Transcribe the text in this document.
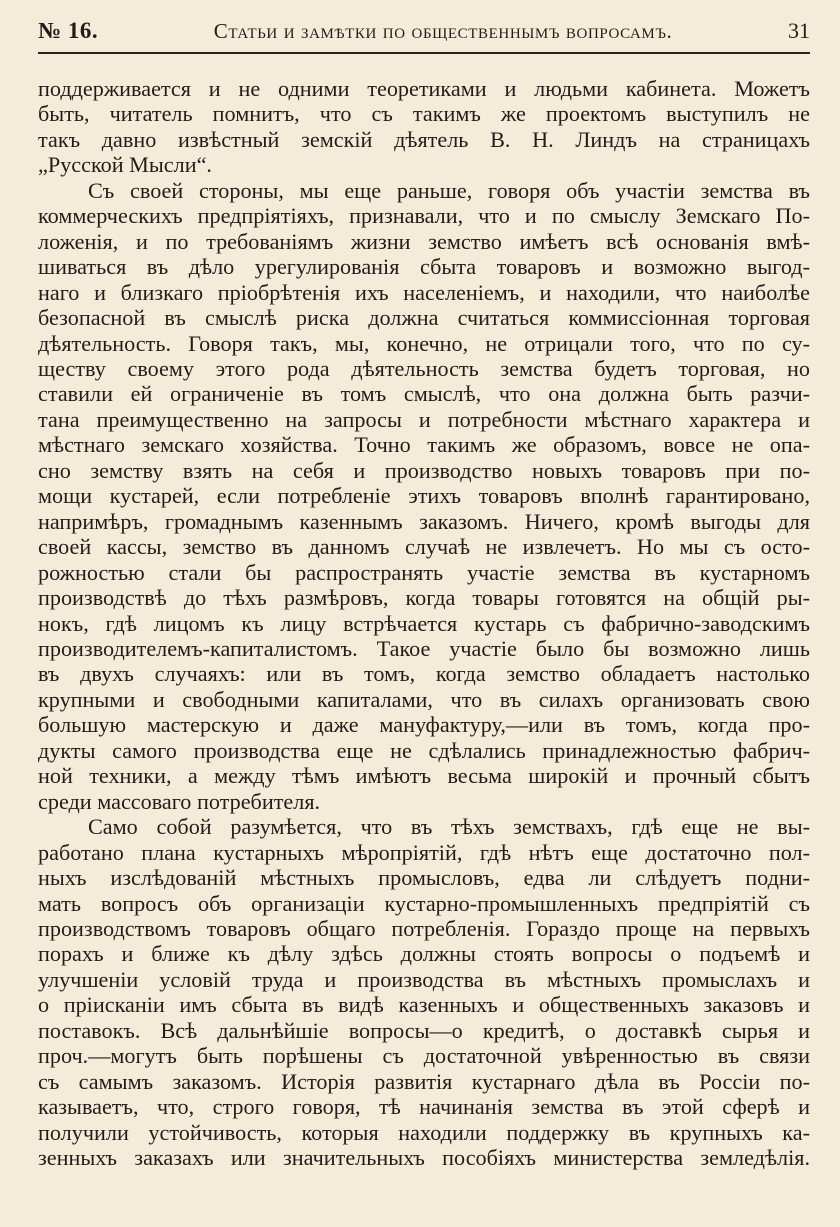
№ 16.	Статьи и замѣтки по общественнымъ вопросамъ.	31

поддерживается и не одними теоретиками и людьми кабинета. Можетъ

быть, читатель помнитъ, что съ такимъ же проектомъ выступилъ не

такъ давно извѣстный земскій дѣятель В. Н. Линдъ на страницахъ

„Русской Мысли“.

Съ своей стороны, мы еще раньше, говоря объ участіи земства въ

коммерческихъ предпріятіяхъ, признавали, что и по смыслу Земскаго По-

ложенія, и по требованіямъ жизни земство имѣетъ всѣ основанія вмѣ-

шиваться въ дѣло урегулированія сбыта товаровъ и возможно выгод-

наго и близкаго пріобрѣтенія ихъ населеніемъ, и находили, что наиболѣе

безопасной въ смыслѣ риска должна считаться коммиссіонная торговая

дѣятельность. Говоря такъ, мы, конечно, не отрицали того, что по су-

ществу своему этого рода дѣятельность земства будетъ торговая, но

ставили ей ограниченіе въ томъ смыслѣ, что она должна быть разчи-

тана преимущественно на запросы и потребности мѣстнаго характера и

мѣстнаго земскаго хозяйства. Точно такимъ же образомъ, вовсе не опа-

сно земству взять на себя и производство новыхъ товаровъ при по-

мощи кустарей, если потребленіе этихъ товаровъ вполнѣ гарантировано,

напримѣръ, громаднымъ казеннымъ заказомъ. Ничего, кромѣ выгоды для

своей кассы, земство въ данномъ случаѣ не извлечетъ. Но мы съ осто-

рожностью стали бы распространять участіе земства въ кустарномъ

производствѣ до тѣхъ размѣровъ, когда товары готовятся на общій ры-

нокъ, гдѣ лицомъ къ лицу встрѣчается кустарь съ фабрично-заводскимъ

производителемъ-капиталистомъ. Такое участіе было бы возможно лишь

въ двухъ случаяхъ: или въ томъ, когда земство обладаетъ настолько

крупными и свободными капиталами, что въ силахъ организовать свою

большую мастерскую и даже мануфактуру,—или въ томъ, когда про-

дукты самого производства еще не сдѣлались принадлежностью фабрич-

ной техники, а между тѣмъ имѣютъ весьма широкій и прочный сбытъ

среди массоваго потребителя.

Само собой разумѣется, что въ тѣхъ земствахъ, гдѣ еще не вы-

работано плана кустарныхъ мѣропріятій, гдѣ нѣтъ еще достаточно пол-

ныхъ изслѣдованій мѣстныхъ промысловъ, едва ли слѣдуетъ подни-

мать вопросъ объ организаціи кустарно-промышленныхъ предпріятій съ

производствомъ товаровъ общаго потребленія. Гораздо проще на первыхъ

порахъ и ближе къ дѣлу здѣсь должны стоять вопросы о подъемѣ и

улучшеніи условій труда и производства въ мѣстныхъ промыслахъ и

о пріисканіи имъ сбыта въ видѣ казенныхъ и общественныхъ заказовъ и

поставокъ. Всѣ дальнѣйшіе вопросы—о кредитѣ, о доставкѣ сырья и

проч.—могутъ быть порѣшены съ достаточной увѣренностью въ связи

съ самымъ заказомъ. Исторія развитія кустарнаго дѣла въ Россіи по-

казываетъ, что, строго говоря, тѣ начинанія земства въ этой сферѣ и

получили устойчивость, которыя находили поддержку въ крупныхъ ка-

зенныхъ заказахъ или значительныхъ пособіяхъ министерства земледѣлія.
